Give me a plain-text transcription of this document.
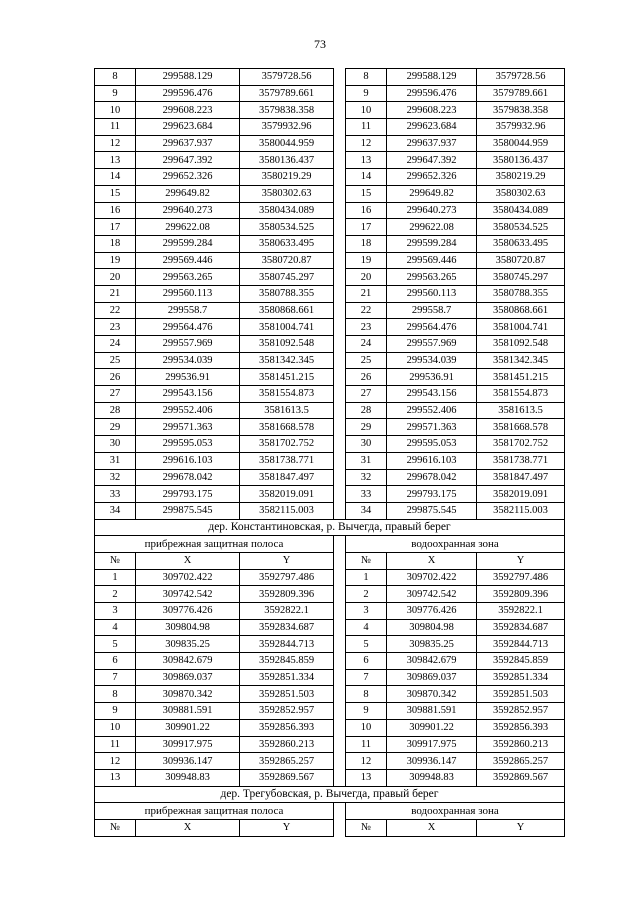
73
8	299588.129	3579728.56		8	299588.129	3579728.56
9	299596.476	3579789.661		9	299596.476	3579789.661
10	299608.223	3579838.358		10	299608.223	3579838.358
11	299623.684	3579932.96		11	299623.684	3579932.96
12	299637.937	3580044.959		12	299637.937	3580044.959
13	299647.392	3580136.437		13	299647.392	3580136.437
14	299652.326	3580219.29		14	299652.326	3580219.29
15	299649.82	3580302.63		15	299649.82	3580302.63
16	299640.273	3580434.089		16	299640.273	3580434.089
17	299622.08	3580534.525		17	299622.08	3580534.525
18	299599.284	3580633.495		18	299599.284	3580633.495
19	299569.446	3580720.87		19	299569.446	3580720.87
20	299563.265	3580745.297		20	299563.265	3580745.297
21	299560.113	3580788.355		21	299560.113	3580788.355
22	299558.7	3580868.661		22	299558.7	3580868.661
23	299564.476	3581004.741		23	299564.476	3581004.741
24	299557.969	3581092.548		24	299557.969	3581092.548
25	299534.039	3581342.345		25	299534.039	3581342.345
26	299536.91	3581451.215		26	299536.91	3581451.215
27	299543.156	3581554.873		27	299543.156	3581554.873
28	299552.406	3581613.5		28	299552.406	3581613.5
29	299571.363	3581668.578		29	299571.363	3581668.578
30	299595.053	3581702.752		30	299595.053	3581702.752
31	299616.103	3581738.771		31	299616.103	3581738.771
32	299678.042	3581847.497		32	299678.042	3581847.497
33	299793.175	3582019.091		33	299793.175	3582019.091
34	299875.545	3582115.003		34	299875.545	3582115.003
дер. Константиновская, р. Вычегда, правый берег						
прибрежная защитная полоса				водоохранная зона		
№	X	Y		№	X	Y
1	309702.422	3592797.486		1	309702.422	3592797.486
2	309742.542	3592809.396		2	309742.542	3592809.396
3	309776.426	3592822.1		3	309776.426	3592822.1
4	309804.98	3592834.687		4	309804.98	3592834.687
5	309835.25	3592844.713		5	309835.25	3592844.713
6	309842.679	3592845.859		6	309842.679	3592845.859
7	309869.037	3592851.334		7	309869.037	3592851.334
8	309870.342	3592851.503		8	309870.342	3592851.503
9	309881.591	3592852.957		9	309881.591	3592852.957
10	309901.22	3592856.393		10	309901.22	3592856.393
11	309917.975	3592860.213		11	309917.975	3592860.213
12	309936.147	3592865.257		12	309936.147	3592865.257
13	309948.83	3592869.567		13	309948.83	3592869.567
дер. Трегубовская, р. Вычегда, правый берег						
прибрежная защитная полоса				водоохранная зона		
№	X	Y		№	X	Y
